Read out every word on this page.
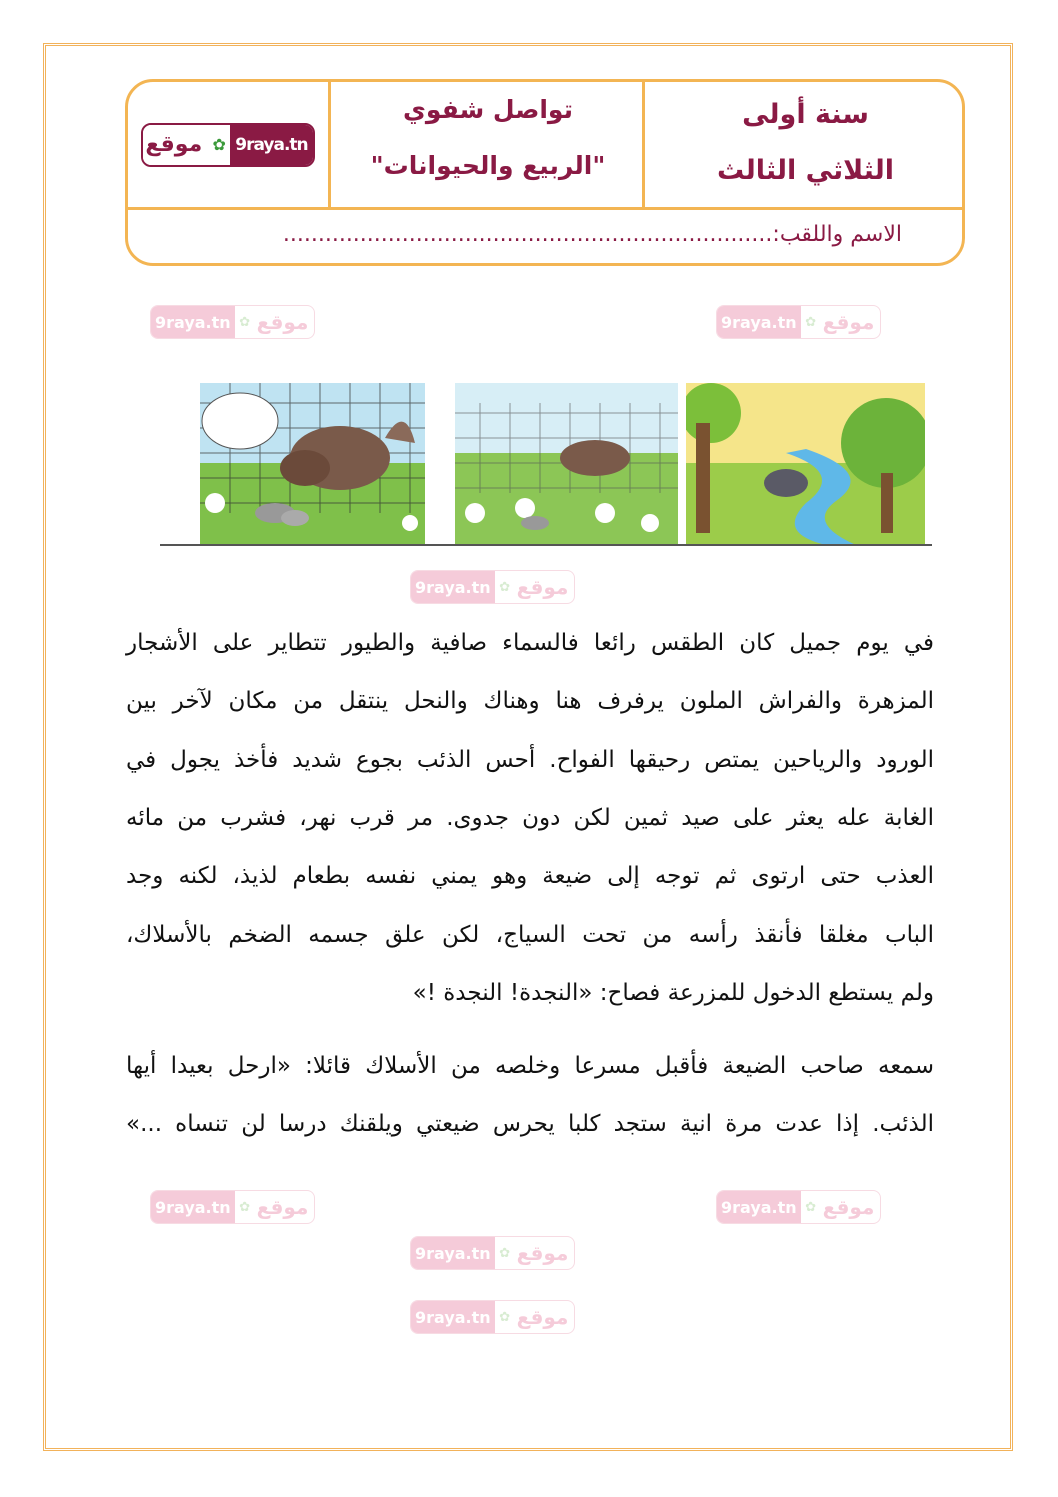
سنة أولى
الثلاثي الثالث
تواصل شفوي
"الربيع والحيوانات"
9raya.tn
✿
موقع
الاسم واللقب:......................................................................
في يوم جميل كان الطقس رائعا فالسماء صافية والطيور تتطاير على الأشجار
المزهرة والفراش الملون يرفرف هنا وهناك والنحل ينتقل من مكان لآخر بين
الورود والرياحين يمتص رحيقها الفواح. أحس الذئب بجوع شديد فأخذ يجول في
الغابة عله يعثر على صيد ثمين لكن دون جدوى. مر قرب نهر، فشرب من مائه
العذب حتى ارتوى ثم توجه إلى ضيعة وهو يمني نفسه بطعام لذيذ، لكنه وجد
الباب مغلقا فأنقذ رأسه من تحت السياج، لكن علق جسمه الضخم بالأسلاك،
ولم يستطع الدخول للمزرعة فصاح: «النجدة! النجدة !»
سمعه صاحب الضيعة فأقبل مسرعا وخلصه من الأسلاك قائلا: «ارحل بعيدا أيها
الذئب. إذا عدت مرة انية ستجد كلبا يحرس ضيعتي ويلقنك درسا لن تنساه ...»
9raya.tn ✿ موقع	9raya.tn ✿ موقع
9raya.tn ✿ موقع
9raya.tn ✿ موقع	9raya.tn ✿ موقع
9raya.tn ✿ موقع
9raya.tn ✿ موقع
